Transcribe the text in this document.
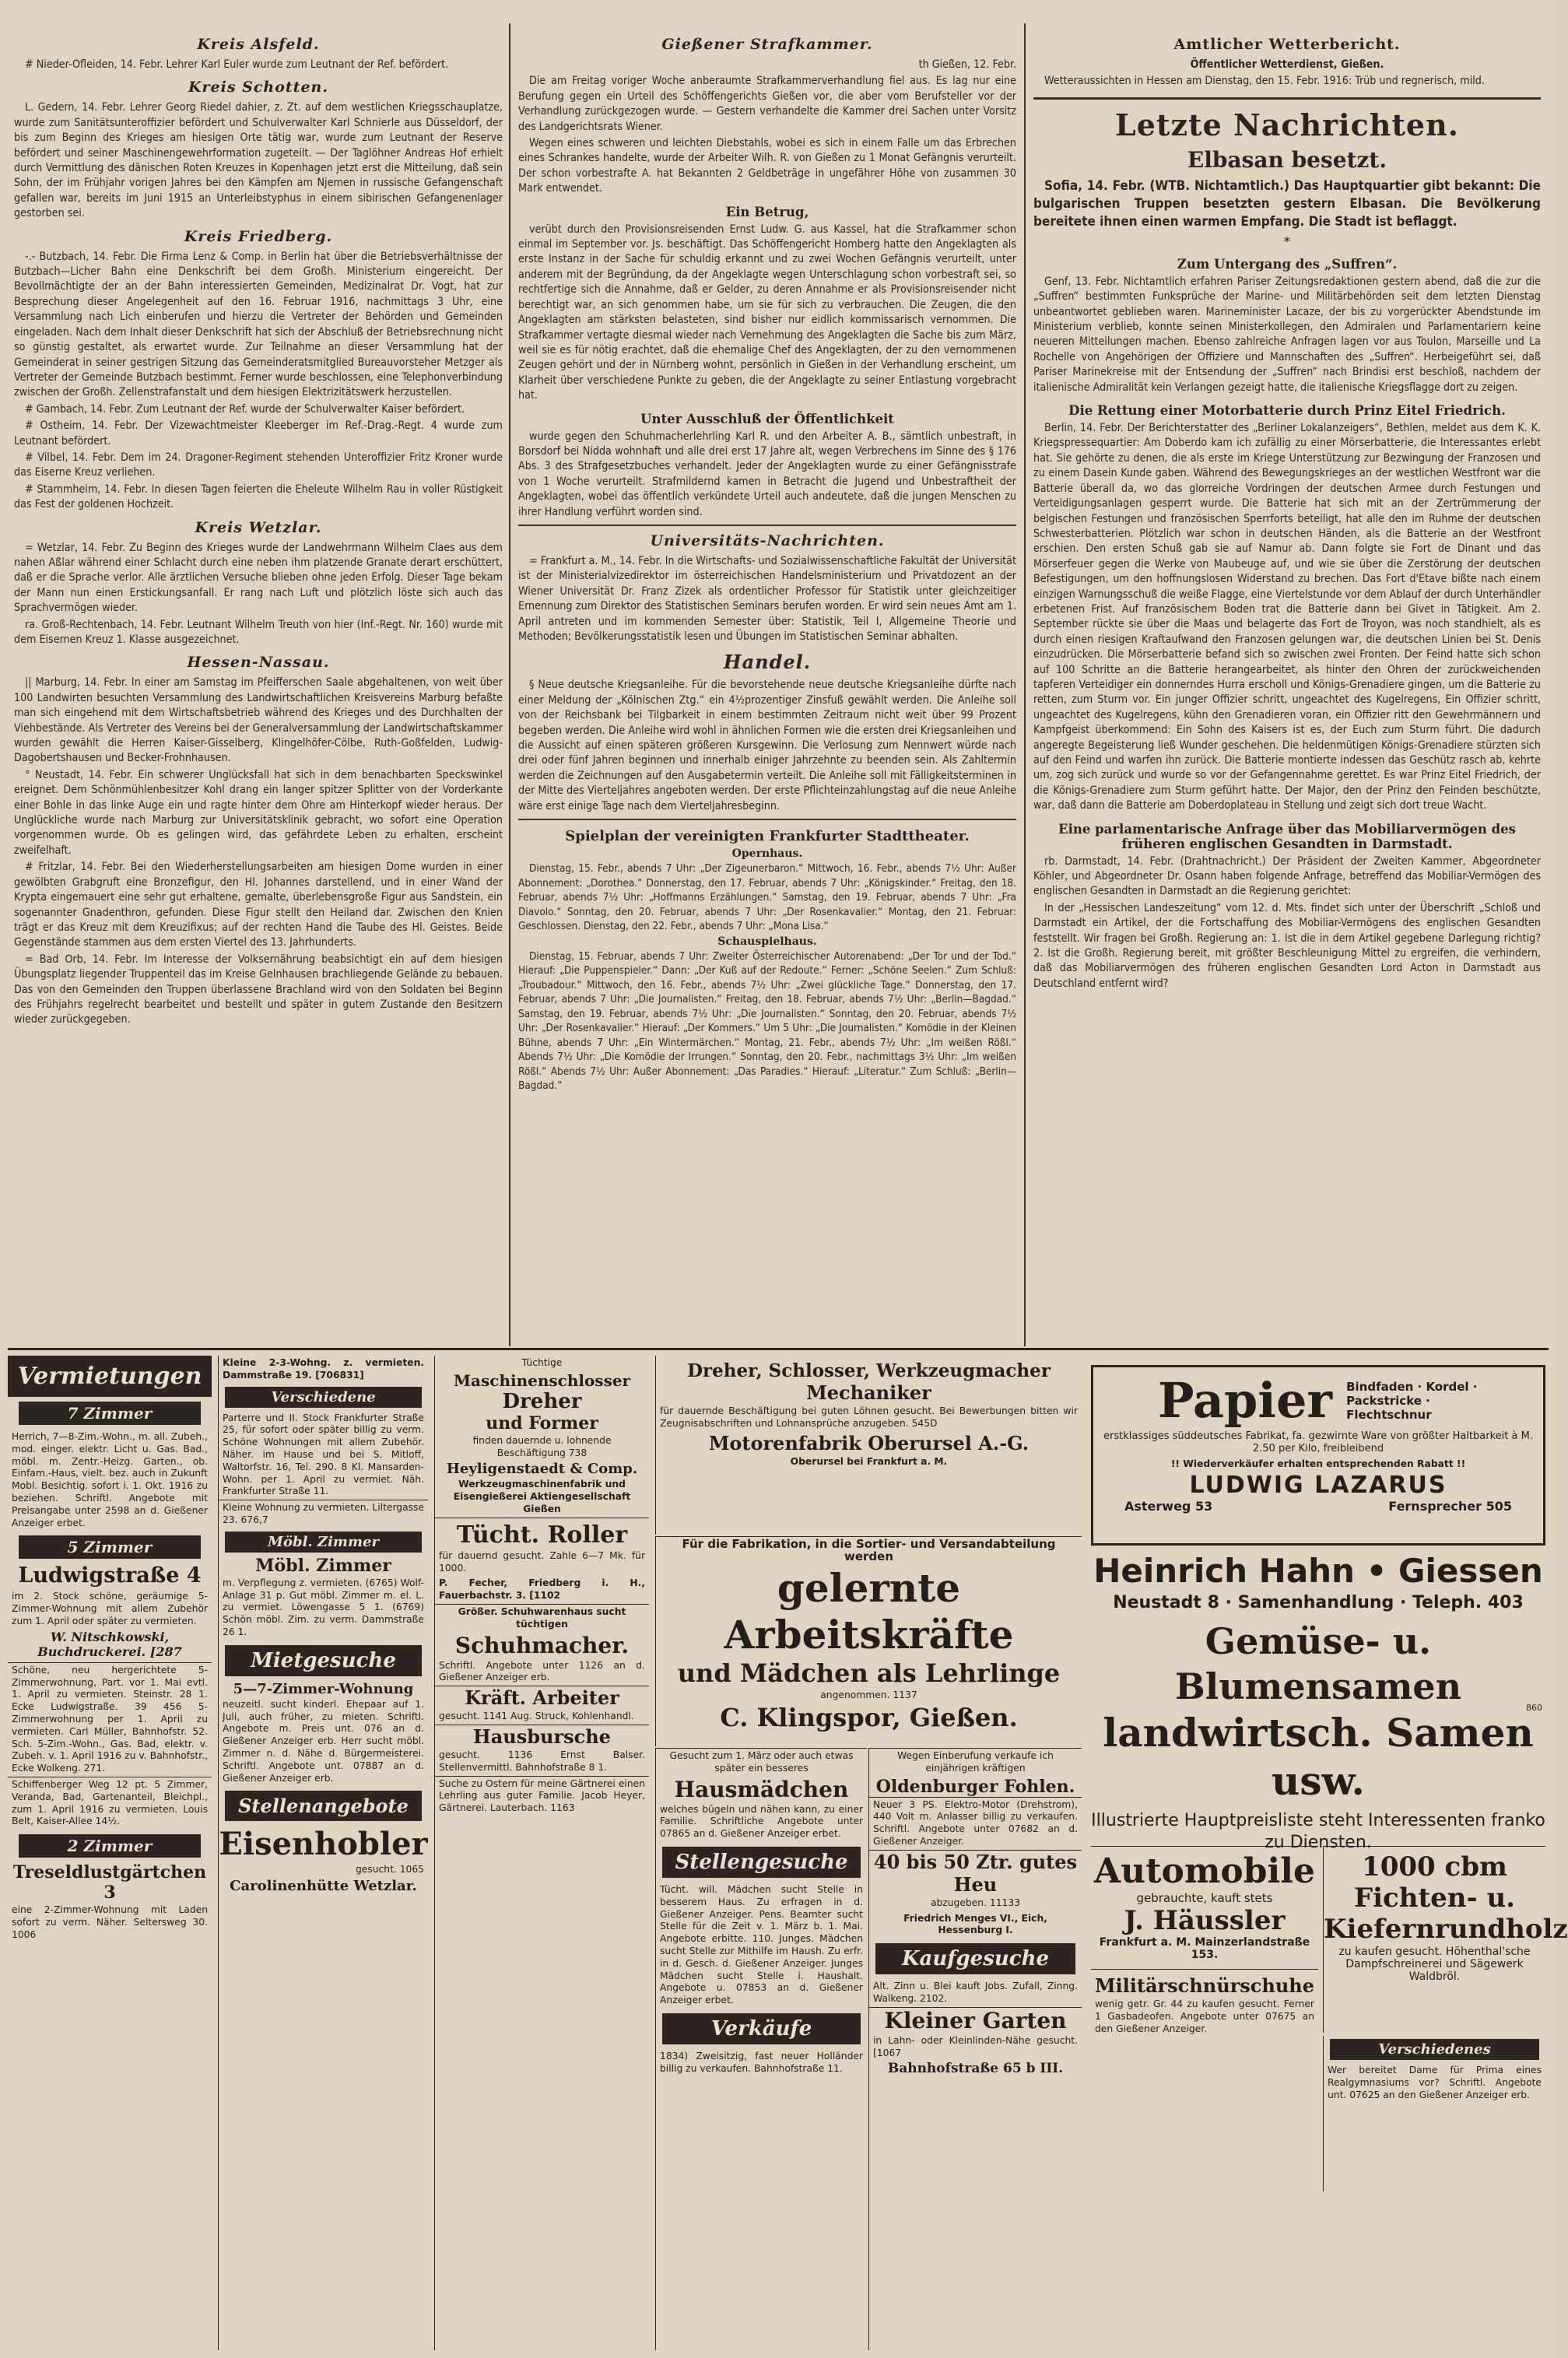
Kreis Alsfeld.

# Nieder-Ofleiden, 14. Febr. Lehrer Karl Euler wurde zum Leutnant der Ref. befördert.

Kreis Schotten.

L. Gedern, 14. Febr. Lehrer Georg Riedel dahier, z. Zt. auf dem westlichen Kriegsschauplatze, wurde zum Sanitätsunteroffizier befördert und Schulverwalter Karl Schnierle aus Düsseldorf, der bis zum Beginn des Krieges am hiesigen Orte tätig war, wurde zum Leutnant der Reserve befördert und seiner Maschinengewehrformation zugeteilt. — Der Taglöhner Andreas Hof erhielt durch Vermittlung des dänischen Roten Kreuzes in Kopenhagen jetzt erst die Mitteilung, daß sein Sohn, der im Frühjahr vorigen Jahres bei den Kämpfen am Njemen in russische Gefangenschaft gefallen war, bereits im Juni 1915 an Unterleibstyphus in einem sibirischen Gefangenenlager gestorben sei.

Kreis Friedberg.

-.- Butzbach, 14. Febr. Die Firma Lenz & Comp. in Berlin hat über die Betriebsverhältnisse der Butzbach—Licher Bahn eine Denkschrift bei dem Großh. Ministerium eingereicht. Der Bevollmächtigte der an der Bahn interessierten Gemeinden, Medizinalrat Dr. Vogt, hat zur Besprechung dieser Angelegenheit auf den 16. Februar 1916, nachmittags 3 Uhr, eine Versammlung nach Lich einberufen und hierzu die Vertreter der Behörden und Gemeinden eingeladen. Nach dem Inhalt dieser Denkschrift hat sich der Abschluß der Betriebsrechnung nicht so günstig gestaltet, als erwartet wurde. Zur Teilnahme an dieser Versammlung hat der Gemeinderat in seiner gestrigen Sitzung das Gemeinderatsmitglied Bureauvorsteher Metzger als Vertreter der Gemeinde Butzbach bestimmt. Ferner wurde beschlossen, eine Telephonverbindung zwischen der Großh. Zellenstrafanstalt und dem hiesigen Elektrizitätswerk herzustellen.

# Gambach, 14. Febr. Zum Leutnant der Ref. wurde der Schulverwalter Kaiser befördert.

# Ostheim, 14. Febr. Der Vizewachtmeister Kleeberger im Ref.-Drag.-Regt. 4 wurde zum Leutnant befördert.

# Vilbel, 14. Febr. Dem im 24. Dragoner-Regiment stehenden Unteroffizier Fritz Kroner wurde das Eiserne Kreuz verliehen.

# Stammheim, 14. Febr. In diesen Tagen feierten die Eheleute Wilhelm Rau in voller Rüstigkeit das Fest der goldenen Hochzeit.

Kreis Wetzlar.

= Wetzlar, 14. Febr. Zu Beginn des Krieges wurde der Landwehrmann Wilhelm Claes aus dem nahen Aßlar während einer Schlacht durch eine neben ihm platzende Granate derart erschüttert, daß er die Sprache verlor. Alle ärztlichen Versuche blieben ohne jeden Erfolg. Dieser Tage bekam der Mann nun einen Erstickungsanfall. Er rang nach Luft und plötzlich löste sich auch das Sprachvermögen wieder.

ra. Groß-Rechtenbach, 14. Febr. Leutnant Wilhelm Treuth von hier (Inf.-Regt. Nr. 160) wurde mit dem Eisernen Kreuz 1. Klasse ausgezeichnet.

Hessen-Nassau.

|| Marburg, 14. Febr. In einer am Samstag im Pfeifferschen Saale abgehaltenen, von weit über 100 Landwirten besuchten Versammlung des Landwirtschaftlichen Kreisvereins Marburg befaßte man sich eingehend mit dem Wirtschaftsbetrieb während des Krieges und des Durchhalten der Viehbestände. Als Vertreter des Vereins bei der Generalversammlung der Landwirtschaftskammer wurden gewählt die Herren Kaiser-Gisselberg, Klingelhöfer-Cölbe, Ruth-Goßfelden, Ludwig-Dagobertshausen und Becker-Frohnhausen.

° Neustadt, 14. Febr. Ein schwerer Unglücksfall hat sich in dem benachbarten Speckswinkel ereignet. Dem Schönmühlenbesitzer Kohl drang ein langer spitzer Splitter von der Vorderkante einer Bohle in das linke Auge ein und ragte hinter dem Ohre am Hinterkopf wieder heraus. Der Unglückliche wurde nach Marburg zur Universitätsklinik gebracht, wo sofort eine Operation vorgenommen wurde. Ob es gelingen wird, das gefährdete Leben zu erhalten, erscheint zweifelhaft.

# Fritzlar, 14. Febr. Bei den Wiederherstellungsarbeiten am hiesigen Dome wurden in einer gewölbten Grabgruft eine Bronzefigur, den Hl. Johannes darstellend, und in einer Wand der Krypta eingemauert eine sehr gut erhaltene, gemalte, überlebensgroße Figur aus Sandstein, ein sogenannter Gnadenthron, gefunden. Diese Figur stellt den Heiland dar. Zwischen den Knien trägt er das Kreuz mit dem Kreuzifixus; auf der rechten Hand die Taube des Hl. Geistes. Beide Gegenstände stammen aus dem ersten Viertel des 13. Jahrhunderts.

= Bad Orb, 14. Febr. Im Interesse der Volksernährung beabsichtigt ein auf dem hiesigen Übungsplatz liegender Truppenteil das im Kreise Gelnhausen brachliegende Gelände zu bebauen. Das von den Gemeinden den Truppen überlassene Brachland wird von den Soldaten bei Beginn des Frühjahrs regelrecht bearbeitet und bestellt und später in gutem Zustande den Besitzern wieder zurückgegeben.

Gießener Strafkammer.

th Gießen, 12. Febr.

Die am Freitag voriger Woche anberaumte Strafkammerverhandlung fiel aus. Es lag nur eine Berufung gegen ein Urteil des Schöffengerichts Gießen vor, die aber vom Berufsteller vor der Verhandlung zurückgezogen wurde. — Gestern verhandelte die Kammer drei Sachen unter Vorsitz des Landgerichtsrats Wiener.

Wegen eines schweren und leichten Diebstahls, wobei es sich in einem Falle um das Erbrechen eines Schrankes handelte, wurde der Arbeiter Wilh. R. von Gießen zu 1 Monat Gefängnis verurteilt. Der schon vorbestrafte A. hat Bekannten 2 Geldbeträge in ungefährer Höhe von zusammen 30 Mark entwendet.

Ein Betrug,

verübt durch den Provisionsreisenden Ernst Ludw. G. aus Kassel, hat die Strafkammer schon einmal im September vor. Js. beschäftigt. Das Schöffengericht Homberg hatte den Angeklagten als erste Instanz in der Sache für schuldig erkannt und zu zwei Wochen Gefängnis verurteilt, unter anderem mit der Begründung, da der Angeklagte wegen Unterschlagung schon vorbestraft sei, so rechtfertige sich die Annahme, daß er Gelder, zu deren Annahme er als Provisionsreisender nicht berechtigt war, an sich genommen habe, um sie für sich zu verbrauchen. Die Zeugen, die den Angeklagten am stärksten belasteten, sind bisher nur eidlich kommissarisch vernommen. Die Strafkammer vertagte diesmal wieder nach Vernehmung des Angeklagten die Sache bis zum März, weil sie es für nötig erachtet, daß die ehemalige Chef des Angeklagten, der zu den vernommenen Zeugen gehört und der in Nürnberg wohnt, persönlich in Gießen in der Verhandlung erscheint, um Klarheit über verschiedene Punkte zu geben, die der Angeklagte zu seiner Entlastung vorgebracht hat.

Unter Ausschluß der Öffentlichkeit

wurde gegen den Schuhmacherlehrling Karl R. und den Arbeiter A. B., sämtlich unbestraft, in Borsdorf bei Nidda wohnhaft und alle drei erst 17 Jahre alt, wegen Verbrechens im Sinne des § 176 Abs. 3 des Strafgesetzbuches verhandelt. Jeder der Angeklagten wurde zu einer Gefängnisstrafe von 1 Woche verurteilt. Strafmildernd kamen in Betracht die Jugend und Unbestraftheit der Angeklagten, wobei das öffentlich verkündete Urteil auch andeutete, daß die jungen Menschen zu ihrer Handlung verführt worden sind.

Universitäts-Nachrichten.

= Frankfurt a. M., 14. Febr. In die Wirtschafts- und Sozialwissenschaftliche Fakultät der Universität ist der Ministerialvizedirektor im österreichischen Handelsministerium und Privatdozent an der Wiener Universität Dr. Franz Zizek als ordentlicher Professor für Statistik unter gleichzeitiger Ernennung zum Direktor des Statistischen Seminars berufen worden. Er wird sein neues Amt am 1. April antreten und im kommenden Semester über: Statistik, Teil I, Allgemeine Theorie und Methoden; Bevölkerungsstatistik lesen und Übungen im Statistischen Seminar abhalten.

Handel.

§ Neue deutsche Kriegsanleihe. Für die bevorstehende neue deutsche Kriegsanleihe dürfte nach einer Meldung der „Kölnischen Ztg.“ ein 4½prozentiger Zinsfuß gewählt werden. Die Anleihe soll von der Reichsbank bei Tilgbarkeit in einem bestimmten Zeitraum nicht weit über 99 Prozent begeben werden. Die Anleihe wird wohl in ähnlichen Formen wie die ersten drei Kriegsanleihen und die Aussicht auf einen späteren größeren Kursgewinn. Die Verlosung zum Nennwert würde nach drei oder fünf Jahren beginnen und innerhalb einiger Jahrzehnte zu beenden sein. Als Zahltermin werden die Zeichnungen auf den Ausgabetermin verteilt. Die Anleihe soll mit Fälligkeitsterminen in der Mitte des Vierteljahres angeboten werden. Der erste Pflichteinzahlungstag auf die neue Anleihe wäre erst einige Tage nach dem Vierteljahresbeginn.

Spielplan der vereinigten Frankfurter Stadttheater.
Opernhaus.

Dienstag, 15. Febr., abends 7 Uhr: „Der Zigeunerbaron.“ Mittwoch, 16. Febr., abends 7½ Uhr: Außer Abonnement: „Dorothea.“ Donnerstag, den 17. Februar, abends 7 Uhr: „Königskinder.“ Freitag, den 18. Februar, abends 7½ Uhr: „Hoffmanns Erzählungen.“ Samstag, den 19. Februar, abends 7 Uhr: „Fra Diavolo.“ Sonntag, den 20. Februar, abends 7 Uhr: „Der Rosenkavalier.“ Montag, den 21. Februar: Geschlossen. Dienstag, den 22. Febr., abends 7 Uhr: „Mona Lisa.“

Schauspielhaus.

Dienstag, 15. Februar, abends 7 Uhr: Zweiter Österreichischer Autorenabend: „Der Tor und der Tod.“ Hierauf: „Die Puppenspieler.“ Dann: „Der Kuß auf der Redoute.“ Ferner: „Schöne Seelen.“ Zum Schluß: „Troubadour.“ Mittwoch, den 16. Febr., abends 7½ Uhr: „Zwei glückliche Tage.“ Donnerstag, den 17. Februar, abends 7 Uhr: „Die Journalisten.“ Freitag, den 18. Februar, abends 7½ Uhr: „Berlin—Bagdad.“ Samstag, den 19. Februar, abends 7½ Uhr: „Die Journalisten.“ Sonntag, den 20. Februar, abends 7½ Uhr: „Der Rosenkavalier.“ Hierauf: „Der Kommers.“ Um 5 Uhr: „Die Journalisten.“ Komödie in der Kleinen Bühne, abends 7 Uhr: „Ein Wintermärchen.“ Montag, 21. Febr., abends 7½ Uhr: „Im weißen Rößl.“ Abends 7½ Uhr: „Die Komödie der Irrungen.“ Sonntag, den 20. Febr., nachmittags 3½ Uhr: „Im weißen Rößl.“ Abends 7½ Uhr: Außer Abonnement: „Das Paradies.“ Hierauf: „Literatur.“ Zum Schluß: „Berlin—Bagdad.“

Amtlicher Wetterbericht.

Öffentlicher Wetterdienst, Gießen.

Wetteraussichten in Hessen am Dienstag, den 15. Febr. 1916: Trüb und regnerisch, mild.

Letzte Nachrichten.
Elbasan besetzt.

Sofia, 14. Febr. (WTB. Nichtamtlich.) Das Hauptquartier gibt bekannt: Die bulgarischen Truppen besetzten gestern Elbasan. Die Bevölkerung bereitete ihnen einen warmen Empfang. Die Stadt ist beflaggt.

*
Zum Untergang des „Suffren“.

Genf, 13. Febr. Nichtamtlich erfahren Pariser Zeitungsredaktionen gestern abend, daß die zur die „Suffren“ bestimmten Funksprüche der Marine- und Militärbehörden seit dem letzten Dienstag unbeantwortet geblieben waren. Marineminister Lacaze, der bis zu vorgerückter Abendstunde im Ministerium verblieb, konnte seinen Ministerkollegen, den Admiralen und Parlamentariern keine neueren Mitteilungen machen. Ebenso zahlreiche Anfragen lagen vor aus Toulon, Marseille und La Rochelle von Angehörigen der Offiziere und Mannschaften des „Suffren“. Herbeigeführt sei, daß Pariser Marinekreise mit der Entsendung der „Suffren“ nach Brindisi erst beschloß, nachdem der italienische Admiralität kein Verlangen gezeigt hatte, die italienische Kriegsflagge dort zu zeigen.

Die Rettung einer Motorbatterie durch Prinz Eitel Friedrich.

Berlin, 14. Febr. Der Berichterstatter des „Berliner Lokalanzeigers“, Bethlen, meldet aus dem K. K. Kriegspressequartier: Am Doberdo kam ich zufällig zu einer Mörserbatterie, die Interessantes erlebt hat. Sie gehörte zu denen, die als erste im Kriege Unterstützung zur Bezwingung der Franzosen und zu einem Dasein Kunde gaben. Während des Bewegungskrieges an der westlichen Westfront war die Batterie überall da, wo das glorreiche Vordringen der deutschen Armee durch Festungen und Verteidigungsanlagen gesperrt wurde. Die Batterie hat sich mit an der Zertrümmerung der belgischen Festungen und französischen Sperrforts beteiligt, hat alle den im Ruhme der deutschen Schwesterbatterien. Plötzlich war schon in deutschen Händen, als die Batterie an der Westfront erschien. Den ersten Schuß gab sie auf Namur ab. Dann folgte sie Fort de Dinant und das Mörserfeuer gegen die Werke von Maubeuge auf, und wie sie über die Zerstörung der deutschen Befestigungen, um den hoffnungslosen Widerstand zu brechen. Das Fort d'Etave bißte nach einem einzigen Warnungsschuß die weiße Flagge, eine Viertelstunde vor dem Ablauf der durch Unterhändler erbetenen Frist. Auf französischem Boden trat die Batterie dann bei Givet in Tätigkeit. Am 2. September rückte sie über die Maas und belagerte das Fort de Troyon, was noch standhielt, als es durch einen riesigen Kraftaufwand den Franzosen gelungen war, die deutschen Linien bei St. Denis einzudrücken. Die Mörserbatterie befand sich so zwischen zwei Fronten. Der Feind hatte sich schon auf 100 Schritte an die Batterie herangearbeitet, als hinter den Ohren der zurückweichenden tapferen Verteidiger ein donnerndes Hurra erscholl und Königs-Grenadiere gingen, um die Batterie zu retten, zum Sturm vor. Ein junger Offizier schritt, ungeachtet des Kugelregens, Ein Offizier schritt, ungeachtet des Kugelregens, kühn den Grenadieren voran, ein Offizier ritt den Gewehrmännern und Kampfgeist überkommend: Ein Sohn des Kaisers ist es, der Euch zum Sturm führt. Die dadurch angeregte Begeisterung ließ Wunder geschehen. Die heldenmütigen Königs-Grenadiere stürzten sich auf den Feind und warfen ihn zurück. Die Batterie montierte indessen das Geschütz rasch ab, kehrte um, zog sich zurück und wurde so vor der Gefangennahme gerettet. Es war Prinz Eitel Friedrich, der die Königs-Grenadiere zum Sturm geführt hatte. Der Major, den der Prinz den Feinden beschützte, war, daß dann die Batterie am Doberdoplateau in Stellung und zeigt sich dort treue Wacht.

Eine parlamentarische Anfrage über das Mobiliarvermögen des früheren englischen Gesandten in Darmstadt.

rb. Darmstadt, 14. Febr. (Drahtnachricht.) Der Präsident der Zweiten Kammer, Abgeordneter Köhler, und Abgeordneter Dr. Osann haben folgende Anfrage, betreffend das Mobiliar-Vermögen des englischen Gesandten in Darmstadt an die Regierung gerichtet:

In der „Hessischen Landeszeitung“ vom 12. d. Mts. findet sich unter der Überschrift „Schloß und Darmstadt ein Artikel, der die Fortschaffung des Mobiliar-Vermögens des englischen Gesandten feststellt. Wir fragen bei Großh. Regierung an: 1. Ist die in dem Artikel gegebene Darlegung richtig? 2. Ist die Großh. Regierung bereit, mit größter Beschleunigung Mittel zu ergreifen, die verhindern, daß das Mobiliarvermögen des früheren englischen Gesandten Lord Acton in Darmstadt aus Deutschland entfernt wird?

Vermietungen
7 Zimmer
Herrich, 7—8-Zim.-Wohn., m. all. Zubeh., mod. einger. elektr. Licht u. Gas. Bad., möbl. m. Zentr.-Heizg. Garten., ob. Einfam.-Haus, vielt. bez. auch in Zukunft Mobl. Besichtig. sofort i. 1. Okt. 1916 zu beziehen. Schriftl. Angebote mit Preisangabe unter 2598 an d. Gießener Anzeiger erbet.
5 Zimmer
Ludwigstraße 4
im 2. Stock schöne, geräumige 5-Zimmer-Wohnung mit allem Zubehör zum 1. April oder später zu vermieten.
W. Nitschkowski, Buchdruckerei. [287
Schöne, neu hergerichtete 5-Zimmerwohnung, Part. vor 1. Mai evtl. 1. April zu vermieten. Steinstr. 28 1. Ecke Ludwigstraße. 39 456 5-Zimmerwohnung per 1. April zu vermieten. Carl Müller, Bahnhofstr. 52. Sch. 5-Zim.-Wohn., Gas. Bad, elektr. v. Zubeh. v. 1. April 1916 zu v. Bahnhofstr., Ecke Wolkeng. 271.
Schiffenberger Weg 12 pt. 5 Zimmer, Veranda, Bad, Gartenanteil, Bleichpl., zum 1. April 1916 zu vermieten. Louis Belt, Kaiser-Allee 14½.
2 Zimmer
Treseldlustgärtchen 3
eine 2-Zimmer-Wohnung mit Laden sofort zu verm. Näher. Seltersweg 30. 1006
Kleine 2-3-Wohng. z. vermieten. Dammstraße 19. [706831]
Verschiedene
Parterre und II. Stock Frankfurter Straße 25, für sofort oder später billig zu verm. Schöne Wohnungen mit allem Zubehör. Näher. im Hause und bei S. Mitloff, Waltorfstr. 16, Tel. 290. 8 Kl. Mansarden-Wohn. per 1. April zu vermiet. Näh. Frankfurter Straße 11.
Kleine Wohnung zu vermieten. Liltergasse 23. 676,7
Möbl. Zimmer
Möbl. Zimmer
m. Verpflegung z. vermieten. (6765) Wolf-Anlage 31 p. Gut möbl. Zimmer m. el. L. zu vermiet. Löwengasse 5 1. (6769) Schön möbl. Zim. zu verm. Dammstraße 26 1.
Mietgesuche
5—7-Zimmer-Wohnung
neuzeitl. sucht kinderl. Ehepaar auf 1. Juli, auch früher, zu mieten. Schriftl. Angebote m. Preis unt. 076 an d. Gießener Anzeiger erb. Herr sucht möbl. Zimmer n. d. Nähe d. Bürgermeisterei. Schriftl. Angebote unt. 07887 an d. Gießener Anzeiger erb.
Stellenangebote
Eisenhobler
gesucht. 1065
Carolinenhütte Wetzlar.
Tüchtige
Maschinenschlosser
Dreher
und Former
finden dauernde u. lohnende Beschäftigung 738
Heyligenstaedt & Comp.
Werkzeugmaschinenfabrik und Eisengießerei Aktiengesellschaft Gießen
Tücht. Roller
für dauernd gesucht. Zahle 6—7 Mk. für 1000.
P. Fecher, Friedberg i. H., Fauerbachstr. 3. [1102
Größer. Schuhwarenhaus sucht tüchtigen
Schuhmacher.
Schriftl. Angebote unter 1126 an d. Gießener Anzeiger erb.
Kräft. Arbeiter
gesucht. 1141 Aug. Struck, Kohlenhandl.
Hausbursche
gesucht. 1136 Ernst Balser. Stellenvermittl. Bahnhofstraße 8 1.
Suche zu Ostern für meine Gärtnerei einen Lehrling aus guter Familie. Jacob Heyer, Gärtnerei. Lauterbach. 1163
Dreher, Schlosser, Werkzeugmacher
Mechaniker
für dauernde Beschäftigung bei guten Löhnen gesucht. Bei Bewerbungen bitten wir Zeugnisabschriften und Lohnansprüche anzugeben. 545D
Motorenfabrik Oberursel A.-G.
Oberursel bei Frankfurt a. M.
Für die Fabrikation, in die Sortier- und Versandabteilung werden
gelernte Arbeitskräfte
und Mädchen als Lehrlinge
angenommen. 1137
C. Klingspor, Gießen.
Gesucht zum 1. März oder auch etwas später ein besseres
Hausmädchen
welches bügeln und nähen kann, zu einer Familie. Schriftliche Angebote unter 07865 an d. Gießener Anzeiger erbet.
Stellengesuche
Tücht. will. Mädchen sucht Stelle in besserem Haus. Zu erfragen in d. Gießener Anzeiger. Pens. Beamter sucht Stelle für die Zeit v. 1. März b. 1. Mai. Angebote erbitte. 110. Junges. Mädchen sucht Stelle zur Mithilfe im Haush. Zu erfr. in d. Gesch. d. Gießener Anzeiger. Junges Mädchen sucht Stelle i. Haushalt. Angebote u. 07853 an d. Gießener Anzeiger erbet.
Verkäufe
1834) Zweisitzig, fast neuer Holländer billig zu verkaufen. Bahnhofstraße 11.
Wegen Einberufung verkaufe ich einjährigen kräftigen
Oldenburger Fohlen.
Neuer 3 PS. Elektro-Motor (Drehstrom), 440 Volt m. Anlasser billig zu verkaufen. Schriftl. Angebote unter 07682 an d. Gießener Anzeiger.
40 bis 50 Ztr. gutes Heu
abzugeben. 11133
Friedrich Menges VI., Eich, Hessenburg I.
Kaufgesuche
Alt. Zinn u. Blei kauft Jobs. Zufall, Zinng. Walkeng. 2102.
Kleiner Garten
in Lahn- oder Kleinlinden-Nähe gesucht. [1067
Bahnhofstraße 65 b III.
Papier Bindfaden · Kordel · Packstricke · Flechtschnur
erstklassiges süddeutsches Fabrikat, fa. gezwirnte Ware von größter Haltbarkeit à M. 2.50 per Kilo, freibleibend
!! Wiederverkäufer erhalten entsprechenden Rabatt !!
LUDWIG LAZARUS
Asterweg 53	Fernsprecher 505
Heinrich Hahn • Giessen
Neustadt 8 · Samenhandlung · Teleph. 403
Gemüse- u. Blumensamen
landwirtsch. Samen usw.
Illustrierte Hauptpreisliste steht Interessenten franko zu Diensten.
860
Automobile
gebrauchte, kauft stets
J. Häussler
Frankfurt a. M. Mainzerlandstraße 153.
Militärschnürschuhe
wenig getr. Gr. 44 zu kaufen gesucht. Ferner 1 Gasbadeofen. Angebote unter 07675 an den Gießener Anzeiger.
1000 cbm Fichten- u. Kiefernrundholz
zu kaufen gesucht. Höhenthal'sche Dampfschreinerei und Sägewerk Waldbröl.
Verschiedenes
Wer bereitet Dame für Prima eines Realgymnasiums vor? Schriftl. Angebote unt. 07625 an den Gießener Anzeiger erb.
